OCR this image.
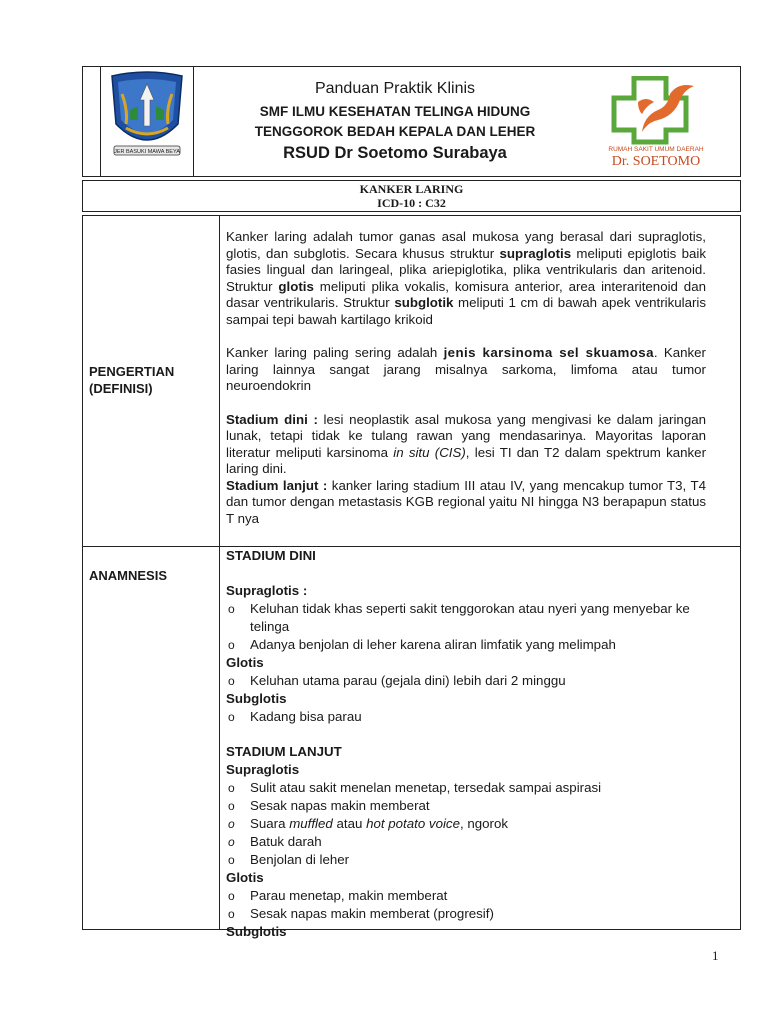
JER BASUKI MAWA BEYA
Panduan Praktik Klinis
SMF ILMU KESEHATAN TELINGA HIDUNG
TENGGOROK BEDAH KEPALA DAN LEHER
RSUD Dr Soetomo Surabaya	RUMAH SAKIT UMUM DAERAH
Dr. SOETOMO
KANKER LARING
ICD-10 : C32
PENGERTIAN
(DEFINISI)

Kanker laring adalah tumor ganas asal mukosa yang berasal dari supraglotis, glotis, dan subglotis. Secara khusus struktur supraglotis meliputi epiglotis baik fasies lingual dan laringeal, plika ariepiglotika, plika ventrikularis dan aritenoid. Struktur glotis meliputi plika vokalis, komisura anterior, area interaritenoid dan dasar ventrikularis. Struktur subglotik meliputi 1 cm di bawah apek ventrikularis sampai tepi bawah kartilago krikoid

Kanker laring paling sering adalah jenis karsinoma sel skuamosa. Kanker laring lainnya sangat jarang misalnya sarkoma, limfoma atau tumor neuroendokrin

Stadium dini : lesi neoplastik asal mukosa yang mengivasi ke dalam jaringan lunak, tetapi tidak ke tulang rawan yang mendasarinya. Mayoritas laporan literatur meliputi karsinoma in situ (CIS), lesi TI dan T2 dalam spektrum kanker laring dini.

Stadium lanjut : kanker laring stadium III atau IV, yang mencakup tumor T3, T4 dan tumor dengan metastasis KGB regional yaitu NI hingga N3 berapapun status T nya

ANAMNESIS
STADIUM DINI
Supraglotis :
o Keluhan tidak khas seperti sakit tenggorokan atau nyeri yang menyebar ke telinga
o Adanya benjolan di leher karena aliran limfatik yang melimpah
Glotis
o Keluhan utama parau (gejala dini) lebih dari 2 minggu
Subglotis
o Kadang bisa parau
STADIUM LANJUT
Supraglotis
o Sulit atau sakit menelan menetap, tersedak sampai aspirasi
o Sesak napas makin memberat
o Suara muffled atau hot potato voice, ngorok
o Batuk darah
o Benjolan di leher
Glotis
o Parau menetap, makin memberat
o Sesak napas makin memberat (progresif)
Subglotis
1
